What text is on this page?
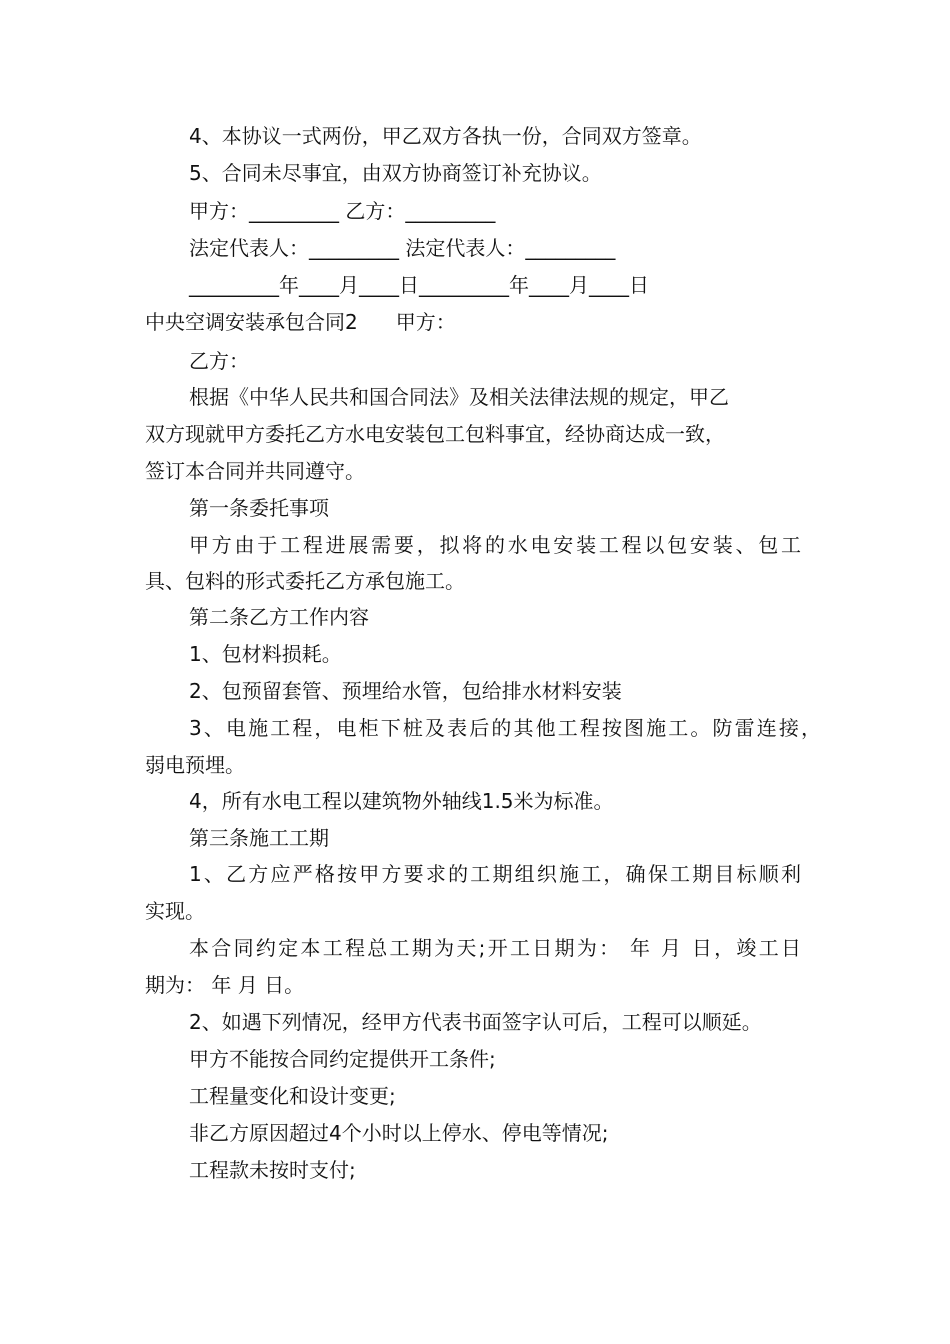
4、本协议一式两份，甲乙双方各执一份，合同双方签章。
5、合同未尽事宜，由双方协商签订补充协议。
甲方：_________ 乙方：_________
法定代表人：_________ 法定代表人：_________
_________年____月____日_________年____月____日
中央空调安装承包合同2 甲方：
乙方：
根据《中华人民共和国合同法》及相关法律法规的规定，甲乙
双方现就甲方委托乙方水电安装包工包料事宜，经协商达成一致，
签订本合同并共同遵守。
第一条委托事项
甲方由于工程进展需要，拟将的水电安装工程以包安装、包工
具、包料的形式委托乙方承包施工。
第二条乙方工作内容
1、包材料损耗。
2、包预留套管、预埋给水管，包给排水材料安装
3、电施工程，电柜下桩及表后的其他工程按图施工。防雷连接，
弱电预埋。
4，所有水电工程以建筑物外轴线1.5米为标准。
第三条施工工期
1、乙方应严格按甲方要求的工期组织施工，确保工期目标顺利
实现。
本合同约定本工程总工期为天;开工日期为： 年 月 日，竣工日
期为： 年 月 日。
2、如遇下列情况，经甲方代表书面签字认可后，工程可以顺延。
甲方不能按合同约定提供开工条件;
工程量变化和设计变更;
非乙方原因超过4个小时以上停水、停电等情况;
工程款未按时支付;
